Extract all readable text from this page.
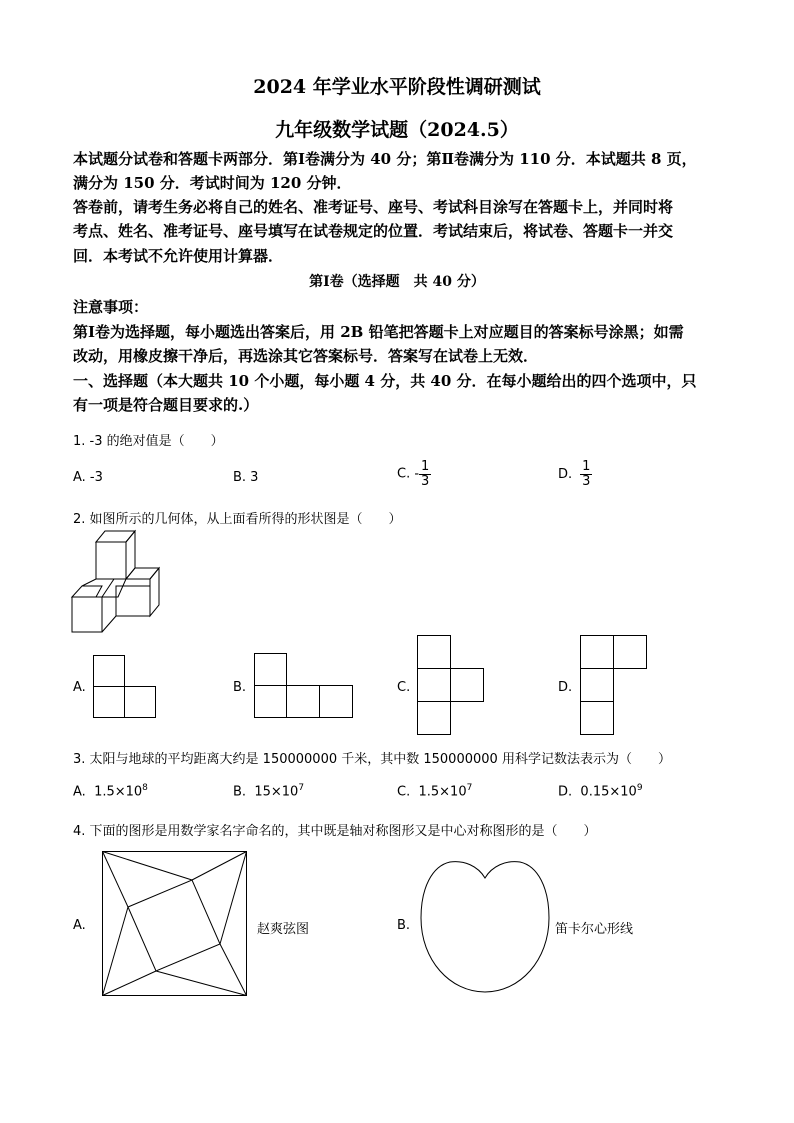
2024 年学业水平阶段性调研测试
九年级数学试题（2024.5）
本试题分试卷和答题卡两部分．第Ⅰ卷满分为 40 分；第Ⅱ卷满分为 110 分．本试题共 8 页，
满分为 150 分．考试时间为 120 分钟．
答卷前，请考生务必将自己的姓名、准考证号、座号、考试科目涂写在答题卡上，并同时将
考点、姓名、准考证号、座号填写在试卷规定的位置．考试结束后，将试卷、答题卡一并交
回．本考试不允许使用计算器．
第Ⅰ卷（选择题　共 40 分）
注意事项：
第Ⅰ卷为选择题，每小题选出答案后，用 2B 铅笔把答题卡上对应题目的答案标号涂黑；如需
改动，用橡皮擦干净后，再选涂其它答案标号．答案写在试卷上无效．
一、选择题（本大题共 10 个小题，每小题 4 分，共 40 分．在每小题给出的四个选项中，只
有一项是符合题目要求的.）
1. -3 的绝对值是（　　）
A. -3	B. 3	C. - $\frac{1}{3}$	D. $\frac{1}{3}$
2. 如图所示的几何体，从上面看所得的形状图是（　　）
A.	B.	C.	D.
3. 太阳与地球的平均距离大约是 150000000 千米，其中数 150000000 用科学记数法表示为（　　）
A. $1.5\times 10^8$	B. $15\times 10^7$	C. $1.5\times 10^7$	D. $0.15\times 10^9$
4. 下面的图形是用数学家名字命名的，其中既是轴对称图形又是中心对称图形的是（　　）
A.	赵爽弦图	B.	笛卡尔心形线
